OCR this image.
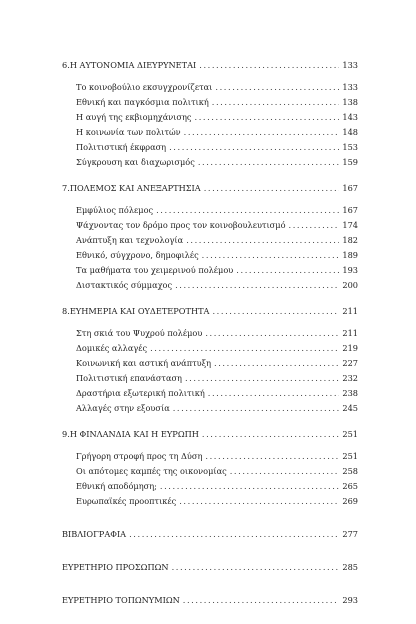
6. Η ΑΥΤΟΝΟΜΙΑ ΔΙΕΥΡΥΝΕΤΑΙ .....	133
Το κοινοβούλιο εκσυγχρονίζεται .....	133
Εθνική και παγκόσμια πολιτική .....	138
Η αυγή της εκβιομηχάνισης .....	143
Η κοινωνία των πολιτών .....	148
Πολιτιστική έκφραση .....	153
Σύγκρουση και διαχωρισμός .....	159
7. ΠΟΛΕΜΟΣ ΚΑΙ ΑΝΕΞΑΡΤΗΣΙΑ .....	167
Εμφύλιος πόλεμος .....	167
Ψάχνοντας τον δρόμο προς τον κοινοβουλευτισμό .....	174
Ανάπτυξη και τεχνολογία .....	182
Εθνικό, σύγχρονο, δημοφιλές .....	189
Τα μαθήματα του χειμερινού πολέμου .....	193
Διστακτικός σύμμαχος .....	200
8. ΕΥΗΜΕΡΙΑ ΚΑΙ ΟΥΔΕΤΕΡΟΤΗΤΑ .....	211
Στη σκιά του Ψυχρού πολέμου .....	211
Δομικές αλλαγές .....	219
Κοινωνική και αστική ανάπτυξη .....	227
Πολιτιστική επανάσταση .....	232
Δραστήρια εξωτερική πολιτική .....	238
Αλλαγές στην εξουσία .....	245
9. Η ΦΙΝΛΑΝΔΙΑ ΚΑΙ Η ΕΥΡΩΠΗ .....	251
Γρήγορη στροφή προς τη Δύση .....	251
Οι απότομες καμπές της οικονομίας .....	258
Εθνική αποδόμηση; .....	265
Ευρωπαϊκές προοπτικές .....	269
ΒΙΒΛΙΟΓΡΑΦΙΑ .....	277
ΕΥΡΕΤΗΡΙΟ ΠΡΟΣΩΠΩΝ .....	285
ΕΥΡΕΤΗΡΙΟ ΤΟΠΩΝΥΜΙΩΝ .....	293
